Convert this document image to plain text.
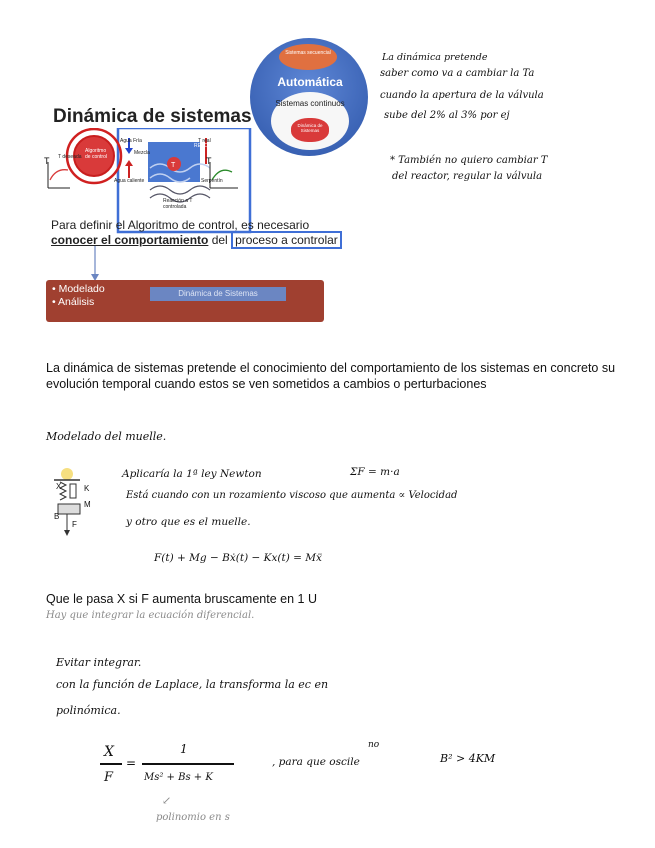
Sistemas secuencial
Automática
Sistemas continuos
Dinámica de Sistemas
Dinámica de sistemas
T
T deseada
Algoritmo de control
Agua Fría
Mezcla
REACTOR
T real
Agua caliente	Serpentín
Reacción a T controlada
T	T
Para definir el Algoritmo de control, es necesario
conocer el comportamiento del proceso a controlar
• Modelado
• Análisis
Dinámica de Sistemas
La dinámica pretende
saber como va a cambiar la Ta
cuando la apertura de la válvula
sube del 2% al 3% por ej
* También no quiero cambiar T
del reactor, regular la válvula
La dinámica de sistemas pretende el conocimiento del comportamiento de los sistemas en concreto su evolución temporal cuando estos se ven sometidos a cambios o perturbaciones
Modelado del muelle.
X	K
M
B
F
Aplicaría la 1ª ley Newton	ΣF = m·a
Está cuando con un rozamiento viscoso que aumenta ∝ Velocidad
y otro que es el muelle.
F(t) + Mg − Bẋ(t) − Kx(t) = Mẍ
Que le pasa X si F aumenta bruscamente en 1 U
Hay que integrar la ecuación diferencial.
Evitar integrar.
con la función de Laplace, la transforma la ec en
polinómica.
X
F
=
1
Ms² + Bs + K
, para que oscile
no
B² > 4KM
↙
polinomio en s
